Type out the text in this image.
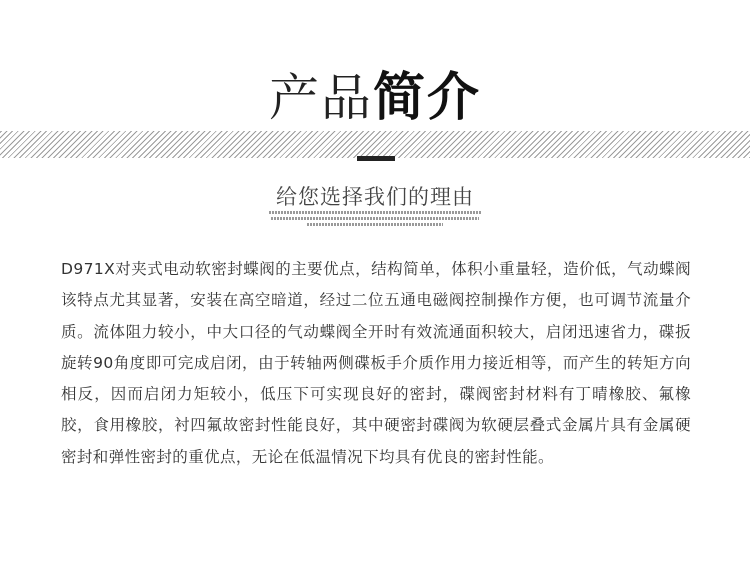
产品 简介
给您选择我们的理由

D971X对夹式电动软密封蝶阀的主要优点，结构简单，体积小重量轻，造价低，气动蝶阀该特点尤其显著，安装在高空暗道，经过二位五通电磁阀控制操作方便，也可调节流量介质。流体阻力较小，中大口径的气动蝶阀全开时有效流通面积较大，启闭迅速省力，碟扳旋转90角度即可完成启闭，由于转轴两侧碟板手介质作用力接近相等，而产生的转矩方向相反，因而启闭力矩较小，低压下可实现良好的密封，碟阀密封材料有丁晴橡胶、氟橡胶，食用橡胶，衬四氟故密封性能良好，其中硬密封碟阀为软硬层叠式金属片具有金属硬密封和弹性密封的重优点，无论在低温情况下均具有优良的密封性能。
